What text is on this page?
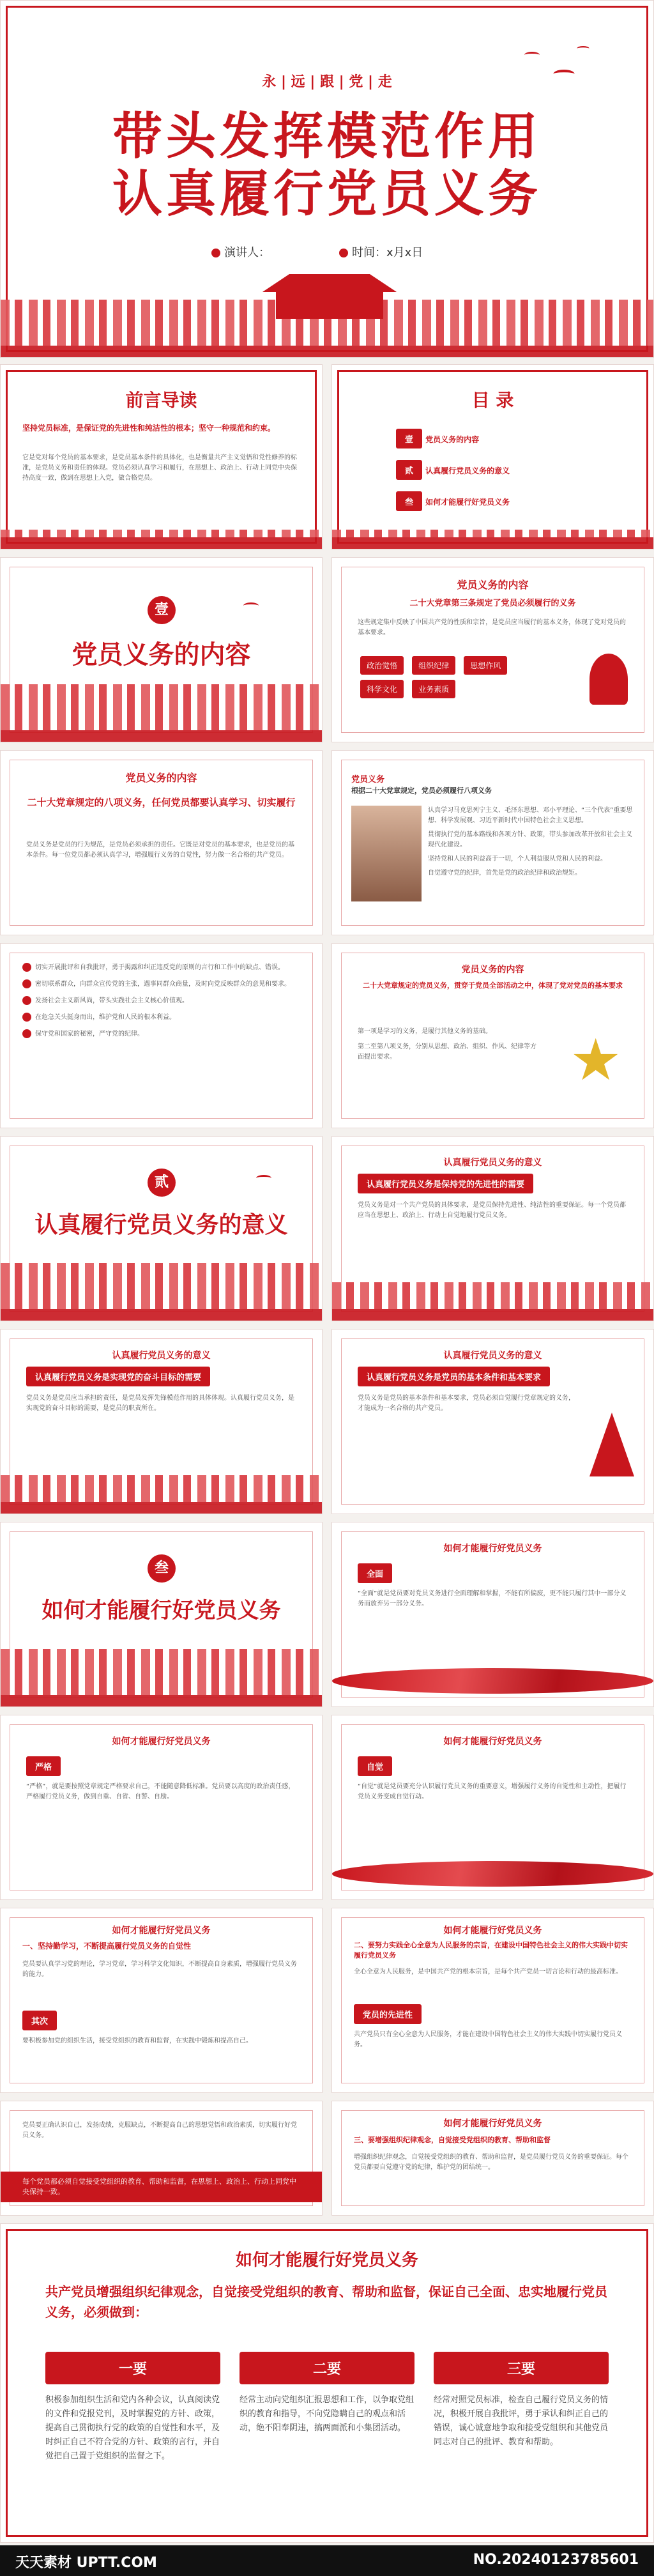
永 | 远 | 跟 | 党 | 走
带头发挥模范作用
认真履行党员义务
演讲人：	时间：x月x日
前言导读
坚持党员标准，是保证党的先进性和纯洁性的根本；坚守一种规范和约束。
它是党对每个党员的基本要求，是党员基本条件的具体化，也是衡量共产主义觉悟和党性修养的标准，是党员义务和责任的体现。党员必须认真学习和履行，在思想上、政治上、行动上同党中央保持高度一致，做到在思想上入党，做合格党员。
目 录
壹 党员义务的内容
贰 认真履行党员义务的意义
叁 如何才能履行好党员义务
壹
党员义务的内容
党员义务的内容
二十大党章第三条规定了党员必须履行的义务
这些规定集中反映了中国共产党的性质和宗旨，是党员应当履行的基本义务，体现了党对党员的基本要求。
政治觉悟	组织纪律	思想作风 科学文化	业务素质
党员义务的内容
二十大党章规定的八项义务，任何党员都要认真学习、切实履行
党员义务是党员的行为规范，是党员必须承担的责任。它既是对党员的基本要求，也是党员的基本条件。每一位党员都必须认真学习，增强履行义务的自觉性，努力做一名合格的共产党员。
党员义务
根据二十大党章规定，党员必须履行八项义务
认真学习马克思列宁主义、毛泽东思想、邓小平理论、“三个代表”重要思想、科学发展观、习近平新时代中国特色社会主义思想。
贯彻执行党的基本路线和各项方针、政策，带头参加改革开放和社会主义现代化建设。
坚持党和人民的利益高于一切，个人利益服从党和人民的利益。
自觉遵守党的纪律，首先是党的政治纪律和政治规矩。
切实开展批评和自我批评，勇于揭露和纠正违反党的原则的言行和工作中的缺点、错误。
密切联系群众，向群众宣传党的主张，遇事同群众商量，及时向党反映群众的意见和要求。
发扬社会主义新风尚，带头实践社会主义核心价值观。
在危急关头挺身而出，维护党和人民的根本利益。
保守党和国家的秘密，严守党的纪律。
党员义务的内容
二十大党章规定的党员义务，贯穿于党员全部活动之中，体现了党对党员的基本要求
第一项是学习的义务，是履行其他义务的基础。
第二至第八项义务，分别从思想、政治、组织、作风、纪律等方面提出要求。	★
贰
认真履行党员义务的意义
认真履行党员义务的意义
认真履行党员义务是保持党的先进性的需要
党员义务是对一个共产党员的具体要求，是党员保持先进性、纯洁性的重要保证。每一个党员都应当在思想上、政治上、行动上自觉地履行党员义务。
认真履行党员义务的意义
认真履行党员义务是实现党的奋斗目标的需要
党员义务是党员应当承担的责任，是党员发挥先锋模范作用的具体体现。认真履行党员义务，是实现党的奋斗目标的需要，是党员的职责所在。
认真履行党员义务的意义
认真履行党员义务是党员的基本条件和基本要求
党员义务是党员的基本条件和基本要求，党员必须自觉履行党章规定的义务，才能成为一名合格的共产党员。
叁
如何才能履行好党员义务
如何才能履行好党员义务
全面
“全面”就是党员要对党员义务进行全面理解和掌握，不能有所偏废，更不能只履行其中一部分义务而放弃另一部分义务。
如何才能履行好党员义务
严格
“严格”，就是要按照党章规定严格要求自己，不能随意降低标准。党员要以高度的政治责任感，严格履行党员义务，做到自重、自省、自警、自励。
如何才能履行好党员义务
自觉
“自觉”就是党员要充分认识履行党员义务的重要意义，增强履行义务的自觉性和主动性，把履行党员义务变成自觉行动。
如何才能履行好党员义务
一、坚持勤学习，不断提高履行党员义务的自觉性
党员要认真学习党的理论，学习党章，学习科学文化知识，不断提高自身素质，增强履行党员义务的能力。
其次
要积极参加党的组织生活，接受党组织的教育和监督，在实践中锻炼和提高自己。
如何才能履行好党员义务
二、要努力实践全心全意为人民服务的宗旨，在建设中国特色社会主义的伟大实践中切实履行党员义务
全心全意为人民服务，是中国共产党的根本宗旨，是每个共产党员一切言论和行动的最高标准。
党员的先进性
共产党员只有全心全意为人民服务，才能在建设中国特色社会主义的伟大实践中切实履行党员义务。
如何才能履行好党员义务
三、要增强组织纪律观念，自觉接受党组织的教育、帮助和监督
增强组织纪律观念，自觉接受党组织的教育、帮助和监督，是党员履行党员义务的重要保证。每个党员都要自觉遵守党的纪律，维护党的团结统一。
党员要正确认识自己，发扬成绩，克服缺点，不断提高自己的思想觉悟和政治素质，切实履行好党员义务。
每个党员都必须自觉接受党组织的教育、帮助和监督，在思想上、政治上、行动上同党中央保持一致。
如何才能履行好党员义务
共产党员增强组织纪律观念，自觉接受党组织的教育、帮助和监督，保证自己全面、忠实地履行党员义务，必须做到：
一要
积极参加组织生活和党内各种会议，认真阅读党的文件和党报党刊，及时掌握党的方针、政策，提高自己贯彻执行党的政策的自觉性和水平，及时纠正自己不符合党的方针、政策的言行，并自觉把自己置于党组织的监督之下。
二要
经常主动向党组织汇报思想和工作，以争取党组织的教育和指导，不向党隐瞒自己的观点和活动，绝不阳奉阴违，搞两面派和小集团活动。
三要
经常对照党员标准，检查自己履行党员义务的情况，积极开展自我批评，勇于承认和纠正自己的错误，诚心诚意地争取和接受党组织和其他党员同志对自己的批评、教育和帮助。
天天素材 UPTT.COM	NO.20240123785601
